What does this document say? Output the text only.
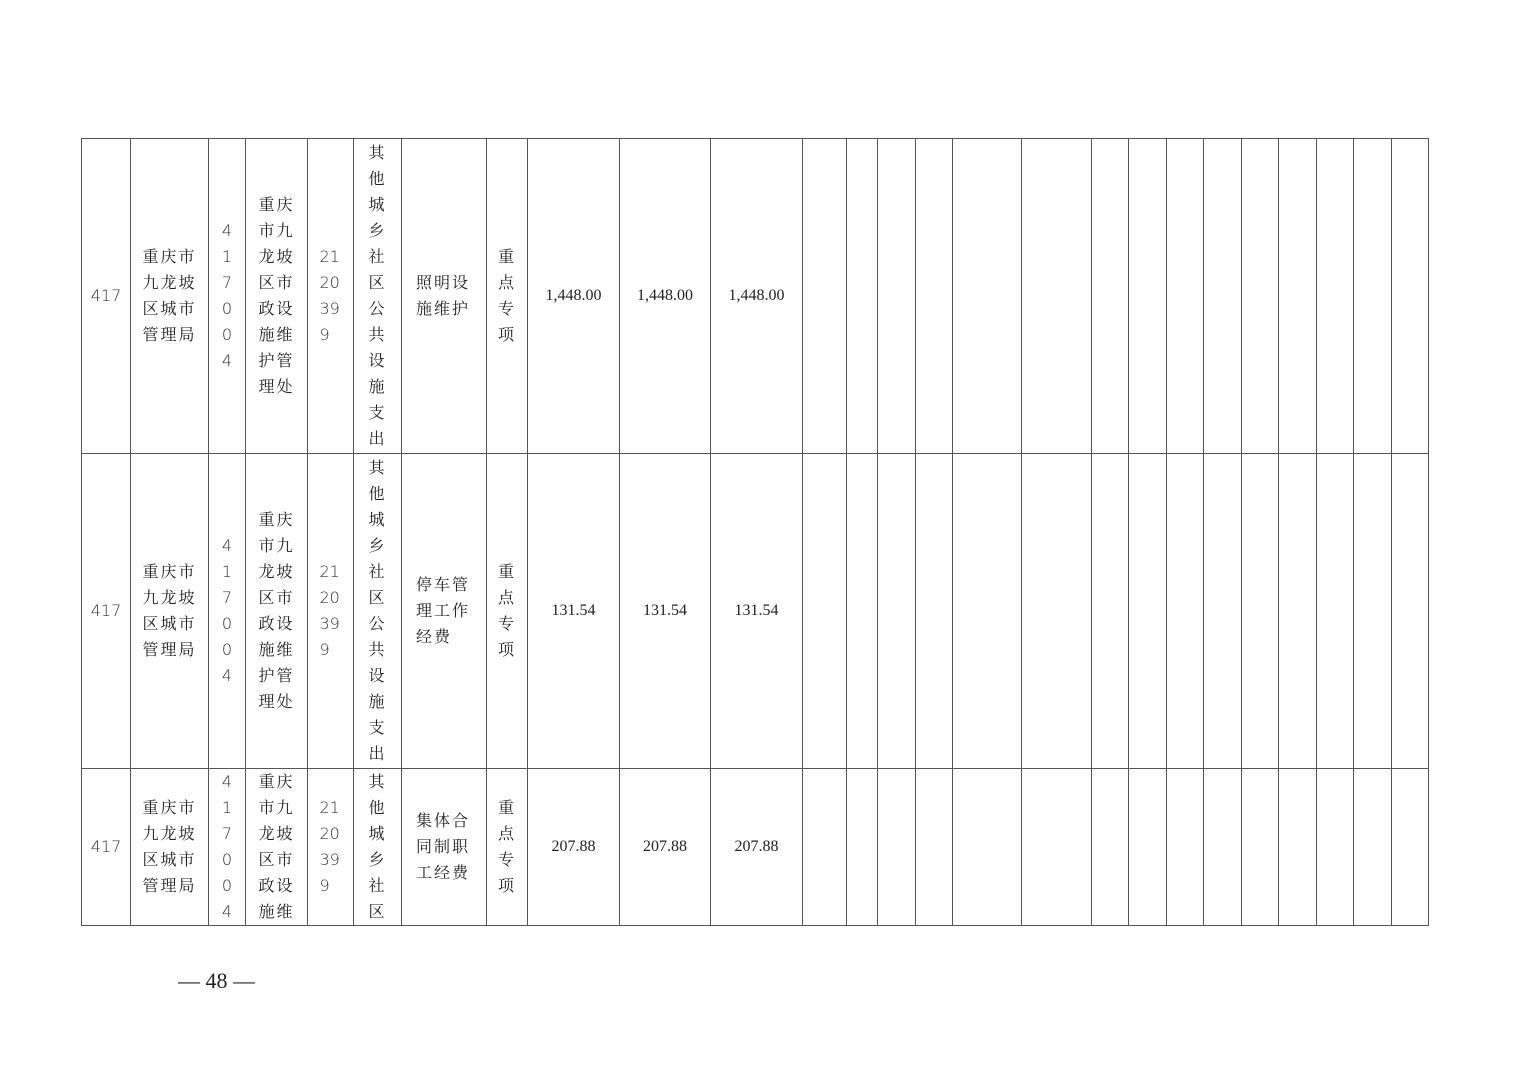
417	重庆市九龙坡区城市管理局	417004	重庆市九龙坡区市政设施维护管理处	2120399	其他城乡社区公共设施支出	照明设施维护	重点专项	1,448.00	1,448.00	1,448.00															
417	重庆市九龙坡区城市管理局	417004	重庆市九龙坡区市政设施维护管理处	2120399	其他城乡社区公共设施支出	停车管理工作经费	重点专项	131.54	131.54	131.54															
417	重庆市九龙坡区城市管理局	417004	重庆市九龙坡区市政设施维	2120399	其他城乡社区	集体合同制职工经费	重点专项	207.88	207.88	207.88															
— 48 —
